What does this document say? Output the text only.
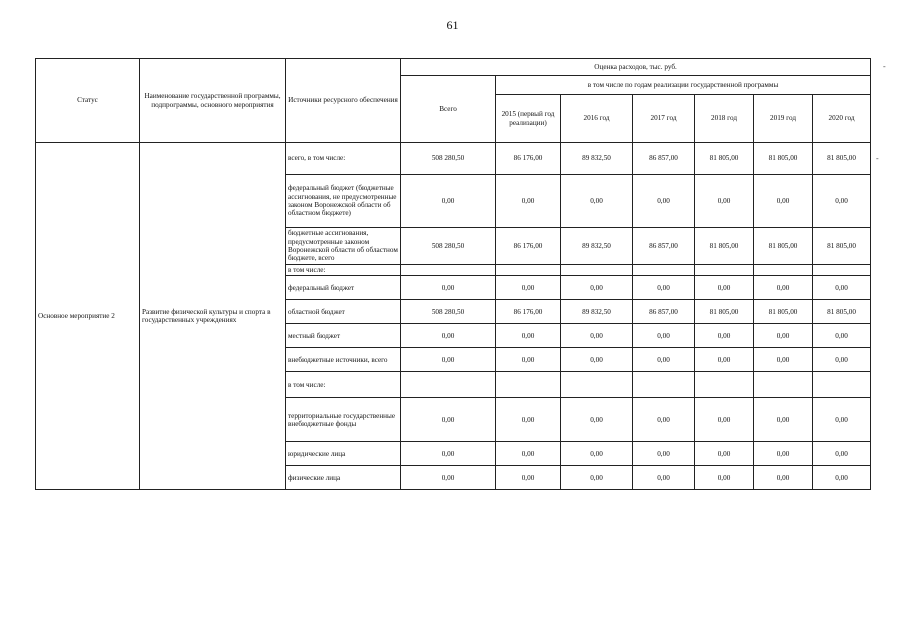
61
Статус	Наименование государственной программы, подпрограммы, основного мероприятия	Источники ресурсного обеспечения	Оценка расходов, тыс. руб.						
			Всего	в том числе по годам реализации государственной программы					
				2015 (первый год реализации)	2016 год	2017 год	2018 год	2019 год	2020 год
Основное мероприятие 2	Развитие физической культуры и спорта в государственных учреждениях	всего, в том числе:	508 280,50	86 176,00	89 832,50	86 857,00	81 805,00	81 805,00	81 805,00
		федеральный бюджет (бюджетные ассигнования, не предусмотренные законом Воронежской области об областном бюджете)	0,00	0,00	0,00	0,00	0,00	0,00	0,00
		бюджетные ассигнования, предусмотренные законом Воронежской области об областном бюджете, всего	508 280,50	86 176,00	89 832,50	86 857,00	81 805,00	81 805,00	81 805,00
		в том числе:							
		федеральный бюджет	0,00	0,00	0,00	0,00	0,00	0,00	0,00
		областной бюджет	508 280,50	86 176,00	89 832,50	86 857,00	81 805,00	81 805,00	81 805,00
		местный бюджет	0,00	0,00	0,00	0,00	0,00	0,00	0,00
		внебюджетные источники, всего	0,00	0,00	0,00	0,00	0,00	0,00	0,00
		в том числе:							
		территориальные государственные внебюджетные фонды	0,00	0,00	0,00	0,00	0,00	0,00	0,00
		юридические лица	0,00	0,00	0,00	0,00	0,00	0,00	0,00
		физические лица	0,00	0,00	0,00	0,00	0,00	0,00	0,00
-
-
